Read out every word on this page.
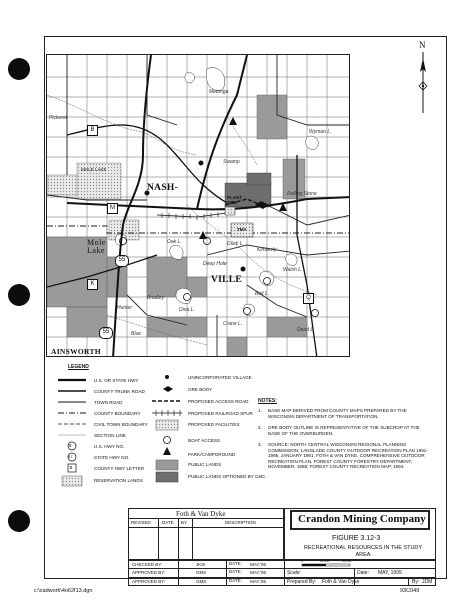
N
NASH-
VILLE
Mole
Lake
AINSWORTH
PLANT
SITE
TMA
MOLE LAKE
Pickerel
Metonga
Swamp
Wyman L.
Rolling Stone
Oak L.	Duck L.
Deep Hole
Kimberly
Walsh L.
Bradley
Hunter	Dina L.
Crane L.
Blue
Bolt L.
Dead L.
55
55
B
K
Q
M
LEGEND
8
47
B
U.S. OR STATE HWY
COUNTY TRUNK ROAD
TOWN ROAD
COUNTY BOUNDARY
CIVIL TOWN BOUNDARY
SECTION LINE
U.S. HWY NO.
STATE HWY NO.
COUNTY HWY LETTER
RESERVATION LANDS
UNINCORPORATED VILLAGE
ORE BODY
PROPOSED ACCESS ROAD
PROPOSED RAILROAD SPUR
PROPOSED FACILITIES
BOAT ACCESS
PARK/CAMPGROUND
PUBLIC LANDS
PUBLIC LANDS OPTIONED BY CMC
NOTES:
1.	BASE MAP DERIVED FROM COUNTY MAPS PREPARED BY THE WISCONSIN DEPARTMENT OF TRANSPORTATION.
2.	ORE BODY OUTLINE IS REPRESENTATIVE OF THE SUBCROP AT THE BASE OF THE OVERBURDEN.
3.	SOURCE: NORTH CENTRAL WISCONSIN REGIONAL PLANNING COMMISSION; LANGLADE COUNTY OUTDOOR RECREATION PLAN 1991-1995, JANUARY 1991; FOTH & VAN DYKE, COMPREHENSIVE OUTDOOR RECREATION PLAN, FOREST COUNTY FORESTRY DEPARTMENT, NOVEMBER, 1988; FOREST COUNTY RECREATION MAP, 1994.
Foth & Van Dyke
REVISED DATE BY	DESCRIPTION	Crandon Mining Company
FIGURE 3.12-3
RECREATIONAL RESOURCES IN THE STUDY AREA
CHECKED BY:	JKSI	DATE: MAY,'95
APPROVED BY:	GMS	DATE: MAY,'95
APPROVED BY:	GMS	DATE: MAY,'95
0	10,000	20,000
Scale:	Date: MAY, 1995
Prepared By: Foth & Van Dyke	By: JDM
c:\cadwork\4o62f13.dgn	93C049
